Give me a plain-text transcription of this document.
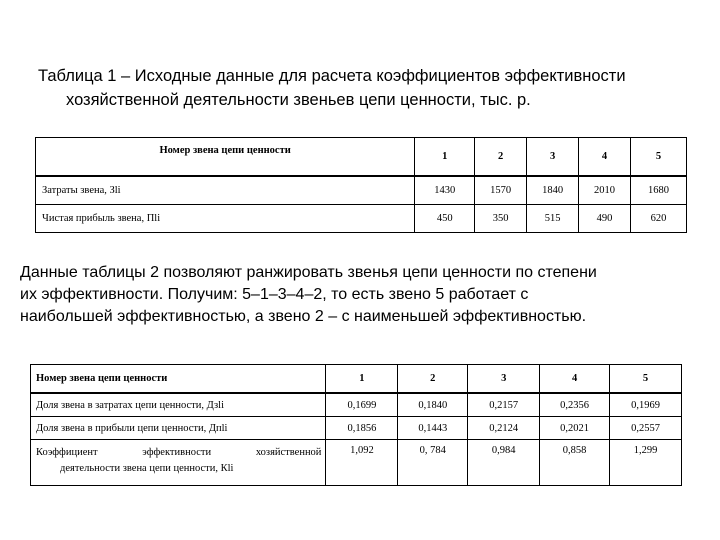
Таблица 1 – Исходные данные для расчета коэффициентов эффективности
хозяйственной деятельности звеньев цепи ценности, тыс. р.
Номер звена цепи ценности	1	2	3	4	5
Затраты звена, Зli	1430	1570	1840	2010	1680
Чистая прибыль звена, Пli	450	350	515	490	620
Данные таблицы 2 позволяют ранжировать звенья цепи ценности по степени
их эффективности. Получим: 5–1–3–4–2, то есть звено 5 работает с
наибольшей эффективностью, а звено 2 – с наименьшей эффективностью.
Номер звена цепи ценности	1	2	3	4	5
Доля звена в затратах цепи ценности, Дзli	0,1699	0,1840	0,2157	0,2356	0,1969
Доля звена в прибыли цепи ценности, Дпli	0,1856	0,1443	0,2124	0,2021	0,2557

Коэффициент эффективности хозяйственной
деятельности звена цепи ценности, Кli	1,092	0, 784	0,984	0,858	1,299
